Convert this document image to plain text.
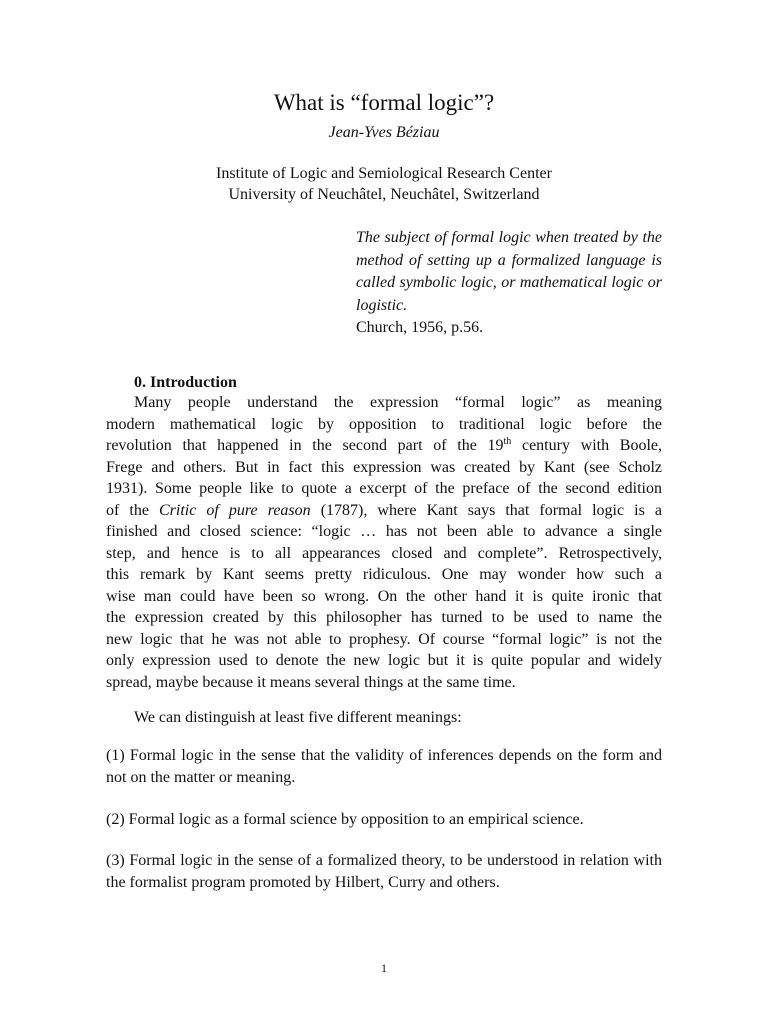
What is “formal logic”?
Jean-Yves Béziau
Institute of Logic and Semiological Research Center
University of Neuchâtel, Neuchâtel, Switzerland
The subject of formal logic when treated by the method of setting up a formalized language is called symbolic logic, or mathematical logic or logistic.
Church, 1956, p.56.
0. Introduction
Many people understand the expression “formal logic” as meaning
modern mathematical logic by opposition to traditional logic before the
revolution that happened in the second part of the 19th century with Boole,
Frege and others. But in fact this expression was created by Kant (see Scholz
1931). Some people like to quote a excerpt of the preface of the second edition
of the Critic of pure reason (1787), where Kant says that formal logic is a
finished and closed science: “logic … has not been able to advance a single
step, and hence is to all appearances closed and complete”. Retrospectively,
this remark by Kant seems pretty ridiculous. One may wonder how such a
wise man could have been so wrong. On the other hand it is quite ironic that
the expression created by this philosopher has turned to be used to name the
new logic that he was not able to prophesy. Of course “formal logic” is not the
only expression used to denote the new logic but it is quite popular and widely
spread, maybe because it means several things at the same time.
We can distinguish at least five different meanings:
(1) Formal logic in the sense that the validity of inferences depends on the form and not on the matter or meaning.
(2) Formal logic as a formal science by opposition to an empirical science.
(3) Formal logic in the sense of a formalized theory, to be understood in relation with the formalist program promoted by Hilbert, Curry and others.
1
